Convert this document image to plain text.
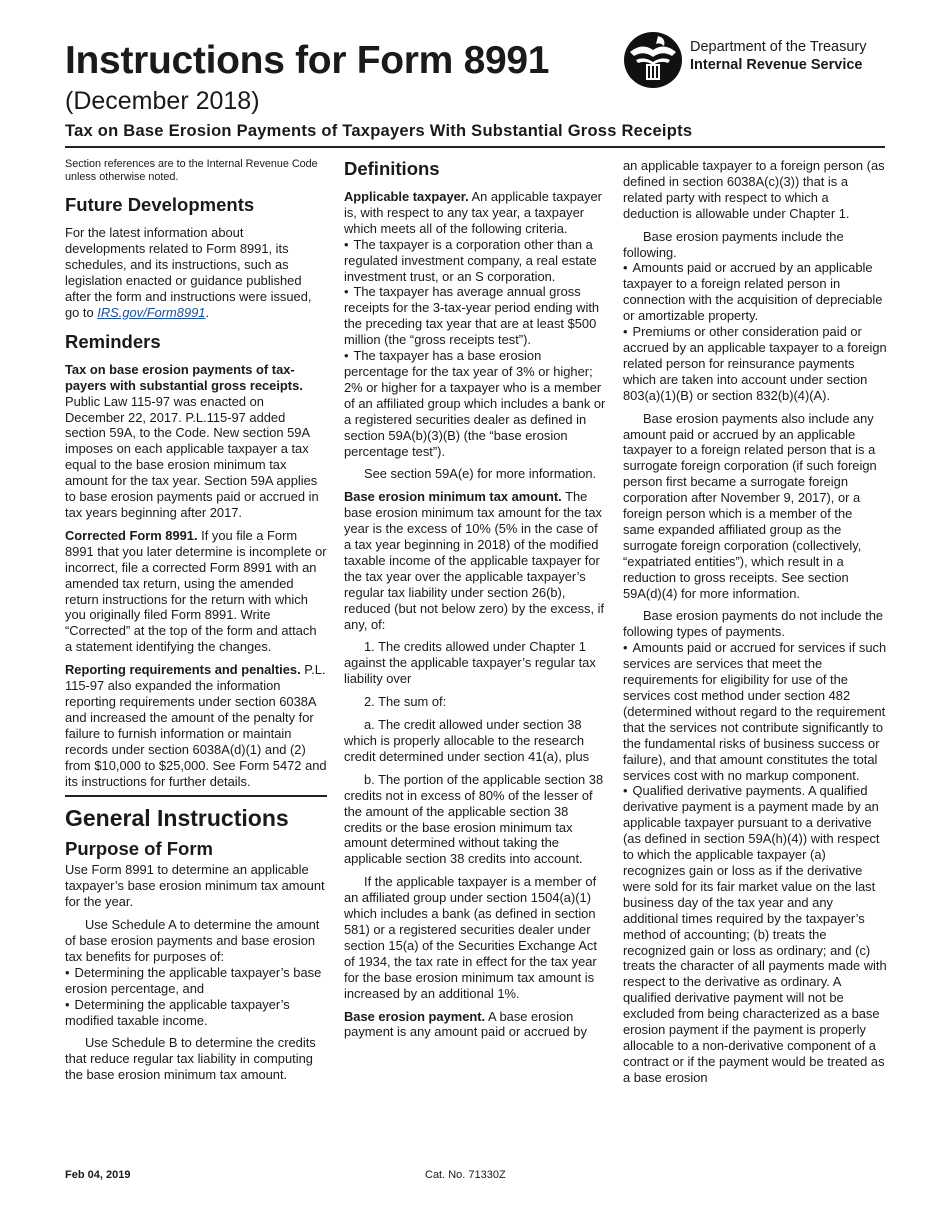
Instructions for Form 8991
(December 2018)
Department of the Treasury
Internal Revenue Service
Tax on Base Erosion Payments of Taxpayers With Substantial Gross Receipts

Section references are to the Internal Revenue Code unless otherwise noted.

Future Developments

For the latest information about developments related to Form 8991, its schedules, and its instructions, such as legislation enacted or guidance published after the form and instructions were issued, go to IRS.gov/Form8991.

Reminders

Tax on base erosion payments of tax-payers with substantial gross receipts. Public Law 115-97 was enacted on December 22, 2017. P.L.115-97 added section 59A, to the Code. New section 59A imposes on each applicable taxpayer a tax equal to the base erosion minimum tax amount for the tax year. Section 59A applies to base erosion payments paid or accrued in tax years beginning after 2017.

Corrected Form 8991. If you file a Form 8991 that you later determine is incomplete or incorrect, file a corrected Form 8991 with an amended tax return, using the amended return instructions for the return with which you originally filed Form 8991. Write “Corrected” at the top of the form and attach a statement identifying the changes.

Reporting requirements and penalties. P.L. 115-97 also expanded the information reporting requirements under section 6038A and increased the amount of the penalty for failure to furnish information or maintain records under section 6038A(d)(1) and (2) from $10,000 to $25,000. See Form 5472 and its instructions for further details.

General Instructions
Purpose of Form

Use Form 8991 to determine an applicable taxpayer’s base erosion minimum tax amount for the year.

Use Schedule A to determine the amount of base erosion payments and base erosion tax benefits for purposes of:

• Determining the applicable taxpayer’s base erosion percentage, and

• Determining the applicable taxpayer’s modified taxable income.

Use Schedule B to determine the credits that reduce regular tax liability in computing the base erosion minimum tax amount.

Definitions

Applicable taxpayer. An applicable taxpayer is, with respect to any tax year, a taxpayer which meets all of the following criteria.

• The taxpayer is a corporation other than a regulated investment company, a real estate investment trust, or an S corporation.

• The taxpayer has average annual gross receipts for the 3-tax-year period ending with the preceding tax year that are at least $500 million (the “gross receipts test”).

• The taxpayer has a base erosion percentage for the tax year of 3% or higher; 2% or higher for a taxpayer who is a member of an affiliated group which includes a bank or a registered securities dealer as defined in section 59A(b)(3)(B) (the “base erosion percentage test”).

See section 59A(e) for more information.

Base erosion minimum tax amount. The base erosion minimum tax amount for the tax year is the excess of 10% (5% in the case of a tax year beginning in 2018) of the modified taxable income of the applicable taxpayer for the tax year over the applicable taxpayer’s regular tax liability under section 26(b), reduced (but not below zero) by the excess, if any, of:

1. The credits allowed under Chapter 1 against the applicable taxpayer’s regular tax liability over

2. The sum of:

a. The credit allowed under section 38 which is properly allocable to the research credit determined under section 41(a), plus

b. The portion of the applicable section 38 credits not in excess of 80% of the lesser of the amount of the applicable section 38 credits or the base erosion minimum tax amount determined without taking the applicable section 38 credits into account.

If the applicable taxpayer is a member of an affiliated group under section 1504(a)(1) which includes a bank (as defined in section 581) or a registered securities dealer under section 15(a) of the Securities Exchange Act of 1934, the tax rate in effect for the tax year for the base erosion minimum tax amount is increased by an additional 1%.

Base erosion payment. A base erosion payment is any amount paid or accrued by

an applicable taxpayer to a foreign person (as defined in section 6038A(c)(3)) that is a related party with respect to which a deduction is allowable under Chapter 1.

Base erosion payments include the following.

• Amounts paid or accrued by an applicable taxpayer to a foreign related person in connection with the acquisition of depreciable or amortizable property.

• Premiums or other consideration paid or accrued by an applicable taxpayer to a foreign related person for reinsurance payments which are taken into account under section 803(a)(1)(B) or section 832(b)(4)(A).

Base erosion payments also include any amount paid or accrued by an applicable taxpayer to a foreign related person that is a surrogate foreign corporation (if such foreign person first became a surrogate foreign corporation after November 9, 2017), or a foreign person which is a member of the same expanded affiliated group as the surrogate foreign corporation (collectively, “expatriated entities”), which result in a reduction to gross receipts. See section 59A(d)(4) for more information.

Base erosion payments do not include the following types of payments.

• Amounts paid or accrued for services if such services are services that meet the requirements for eligibility for use of the services cost method under section 482 (determined without regard to the requirement that the services not contribute significantly to the fundamental risks of business success or failure), and that amount constitutes the total services cost with no markup component.

• Qualified derivative payments. A qualified derivative payment is a payment made by an applicable taxpayer pursuant to a derivative (as defined in section 59A(h)(4)) with respect to which the applicable taxpayer (a) recognizes gain or loss as if the derivative were sold for its fair market value on the last business day of the tax year and any additional times required by the taxpayer’s method of accounting; (b) treats the recognized gain or loss as ordinary; and (c) treats the character of all payments made with respect to the derivative as ordinary. A qualified derivative payment will not be excluded from being characterized as a base erosion payment if the payment is properly allocable to a non-derivative component of a contract or if the payment would be treated as a base erosion

Feb 04, 2019	Cat. No. 71330Z
